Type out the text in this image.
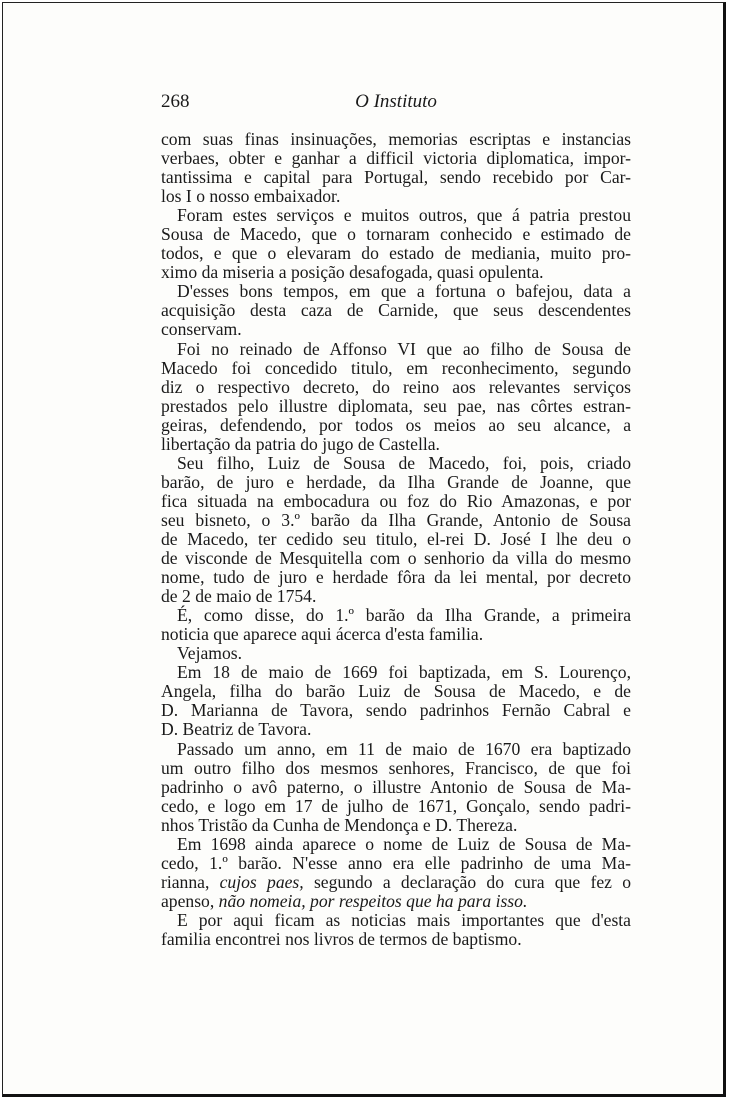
268	O Instituto
com suas finas insinuações, memorias escriptas e instancias
verbaes, obter e ganhar a difficil victoria diplomatica, impor-
tantissima e capital para Portugal, sendo recebido por Car-
los I o nosso embaixador.
Foram estes serviços e muitos outros, que á patria prestou
Sousa de Macedo, que o tornaram conhecido e estimado de
todos, e que o elevaram do estado de mediania, muito pro-
ximo da miseria a posição desafogada, quasi opulenta.
D'esses bons tempos, em que a fortuna o bafejou, data a
acquisição desta caza de Carnide, que seus descendentes
conservam.
Foi no reinado de Affonso VI que ao filho de Sousa de
Macedo foi concedido titulo, em reconhecimento, segundo
diz o respectivo decreto, do reino aos relevantes serviços
prestados pelo illustre diplomata, seu pae, nas côrtes estran-
geiras, defendendo, por todos os meios ao seu alcance, a
libertação da patria do jugo de Castella.
Seu filho, Luiz de Sousa de Macedo, foi, pois, criado
barão, de juro e herdade, da Ilha Grande de Joanne, que
fica situada na embocadura ou foz do Rio Amazonas, e por
seu bisneto, o 3.º barão da Ilha Grande, Antonio de Sousa
de Macedo, ter cedido seu titulo, el-rei D. José I lhe deu o
de visconde de Mesquitella com o senhorio da villa do mesmo
nome, tudo de juro e herdade fôra da lei mental, por decreto
de 2 de maio de 1754.
É, como disse, do 1.º barão da Ilha Grande, a primeira
noticia que aparece aqui ácerca d'esta familia.
Vejamos.
Em 18 de maio de 1669 foi baptizada, em S. Lourenço,
Angela, filha do barão Luiz de Sousa de Macedo, e de
D. Marianna de Tavora, sendo padrinhos Fernão Cabral e
D. Beatriz de Tavora.
Passado um anno, em 11 de maio de 1670 era baptizado
um outro filho dos mesmos senhores, Francisco, de que foi
padrinho o avô paterno, o illustre Antonio de Sousa de Ma-
cedo, e logo em 17 de julho de 1671, Gonçalo, sendo padri-
nhos Tristão da Cunha de Mendonça e D. Thereza.
Em 1698 ainda aparece o nome de Luiz de Sousa de Ma-
cedo, 1.º barão. N'esse anno era elle padrinho de uma Ma-
rianna, cujos paes, segundo a declaração do cura que fez o
apenso, não nomeia, por respeitos que ha para isso.
E por aqui ficam as noticias mais importantes que d'esta
familia encontrei nos livros de termos de baptismo.
